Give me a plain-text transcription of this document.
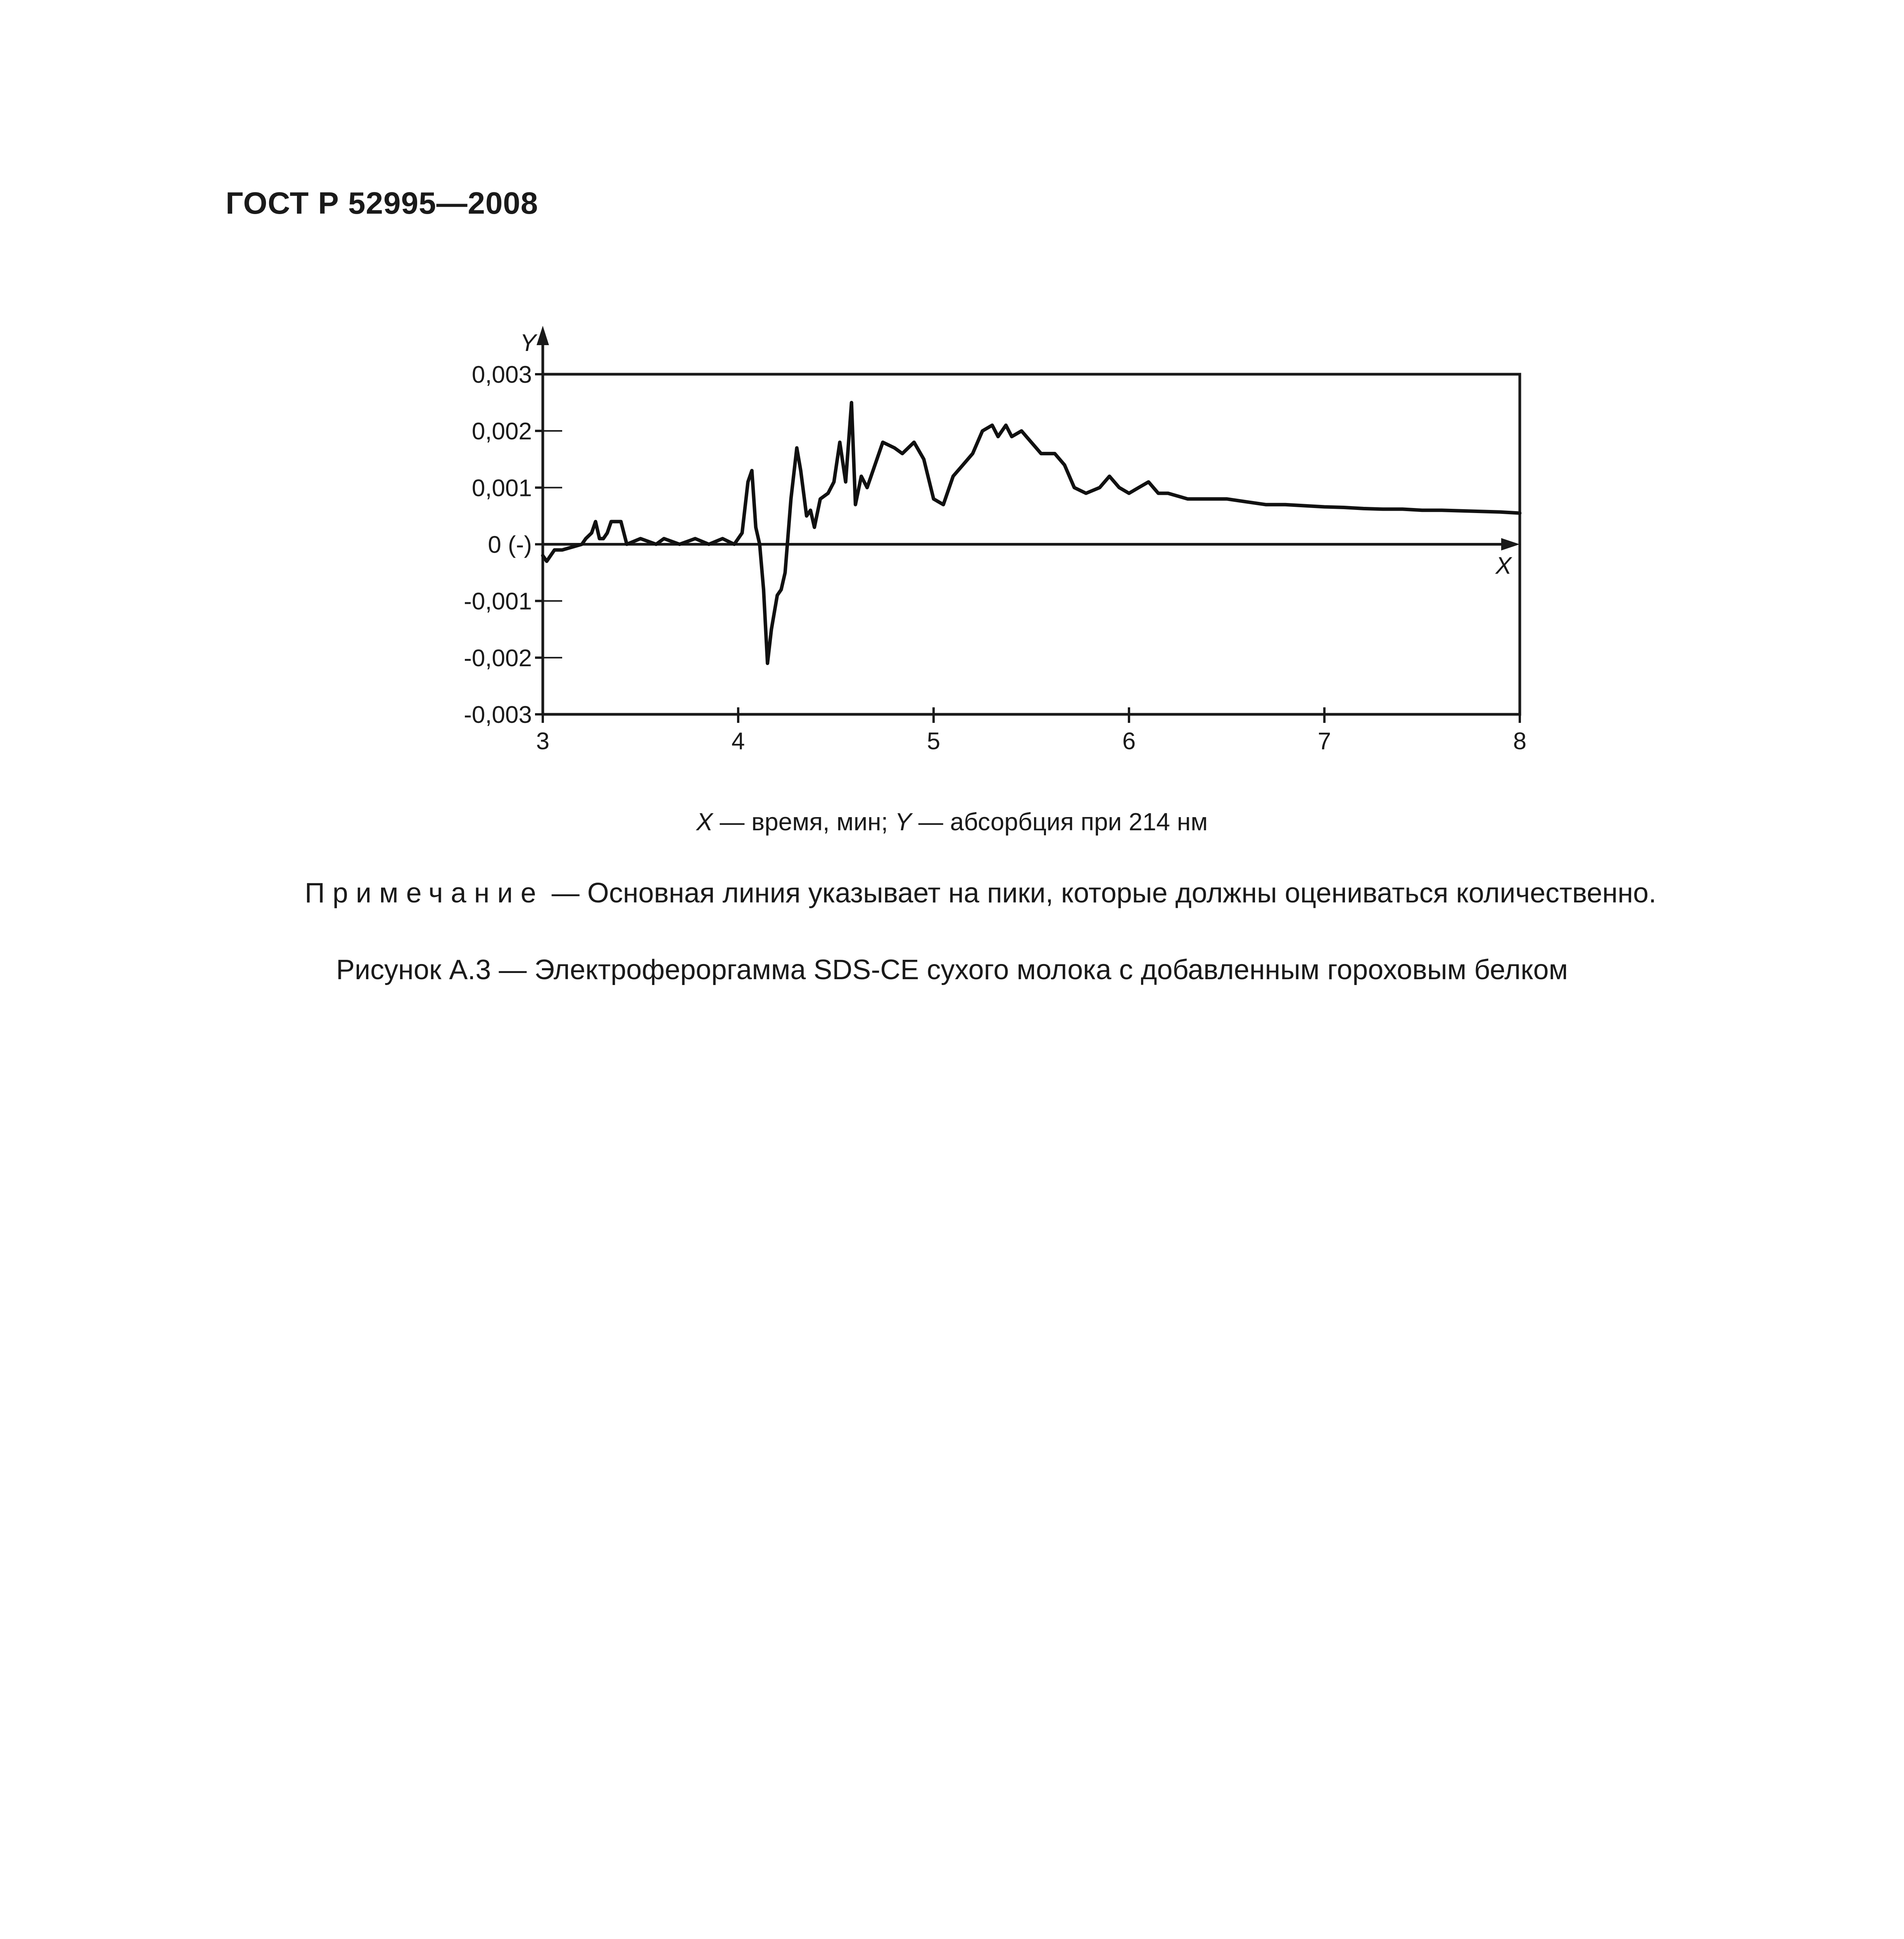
ГОСТ Р 52995—2008
Y
X
0,003
0,002
0,001
0 (-)
-0,001
-0,002
-0,003
3	4	5	6	7	8
X — время, мин; Y — абсорбция при 214 нм
Примечание — Основная линия указывает на пики, которые должны оцениваться количественно.
Рисунок А.3 — Электрофероргамма SDS-CE сухого молока с добавленным гороховым белком
